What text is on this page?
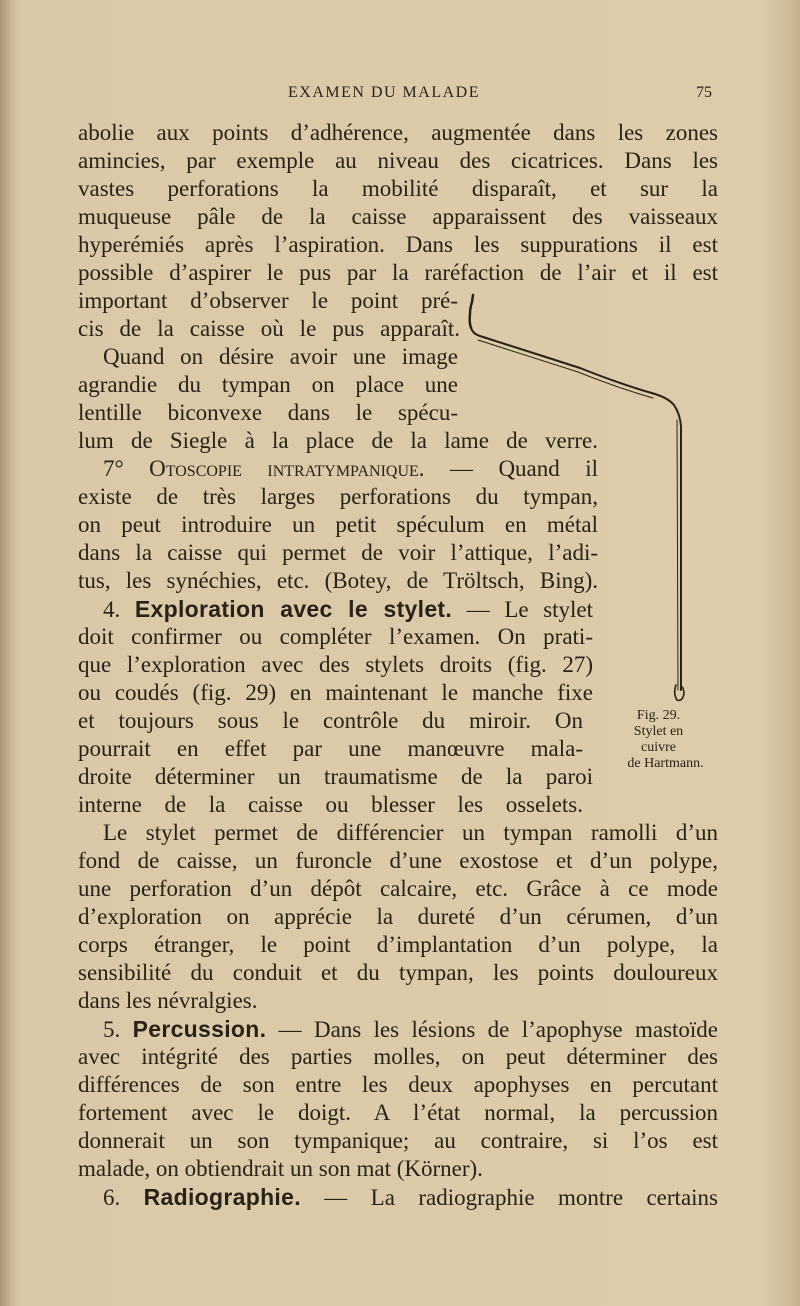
EXAMEN DU MALADE	75
abolie aux points d’adhérence, augmentée dans les zones
amincies, par exemple au niveau des cicatrices. Dans les
vastes perforations la mobilité disparaît, et sur la
muqueuse pâle de la caisse apparaissent des vaisseaux
hyperémiés après l’aspiration. Dans les suppurations il est
possible d’aspirer le pus par la raréfaction de l’air et il est
important d’observer le point pré-
cis de la caisse où le pus apparaît.
Quand on désire avoir une image
agrandie du tympan on place une
lentille biconvexe dans le spécu-
lum de Siegle à la place de la lame de verre.
7° Otoscopie intratympanique. — Quand il
existe de très larges perforations du tympan,
on peut introduire un petit spéculum en métal
dans la caisse qui permet de voir l’attique, l’adi-
tus, les synéchies, etc. (Botey, de Tröltsch, Bing).
4. Exploration avec le stylet. — Le stylet
doit confirmer ou compléter l’examen. On prati-
que l’exploration avec des stylets droits (fig. 27)
ou coudés (fig. 29) en maintenant le manche fixe
et toujours sous le contrôle du miroir. On
pourrait en effet par une manœuvre mala-
droite déterminer un traumatisme de la paroi
interne de la caisse ou blesser les osselets.
Le stylet permet de différencier un tympan ramolli d’un
fond de caisse, un furoncle d’une exostose et d’un polype,
une perforation d’un dépôt calcaire, etc. Grâce à ce mode
d’exploration on apprécie la dureté d’un cérumen, d’un
corps étranger, le point d’implantation d’un polype, la
sensibilité du conduit et du tympan, les points douloureux
dans les névralgies.
5. Percussion. — Dans les lésions de l’apophyse mastoïde
avec intégrité des parties molles, on peut déterminer des
différences de son entre les deux apophyses en percutant
fortement avec le doigt. A l’état normal, la percussion
donnerait un son tympanique; au contraire, si l’os est
malade, on obtiendrait un son mat (Körner).
6. Radiographie. — La radiographie montre certains
Fig. 29.
Stylet en
cuivre
de Hartmann.
